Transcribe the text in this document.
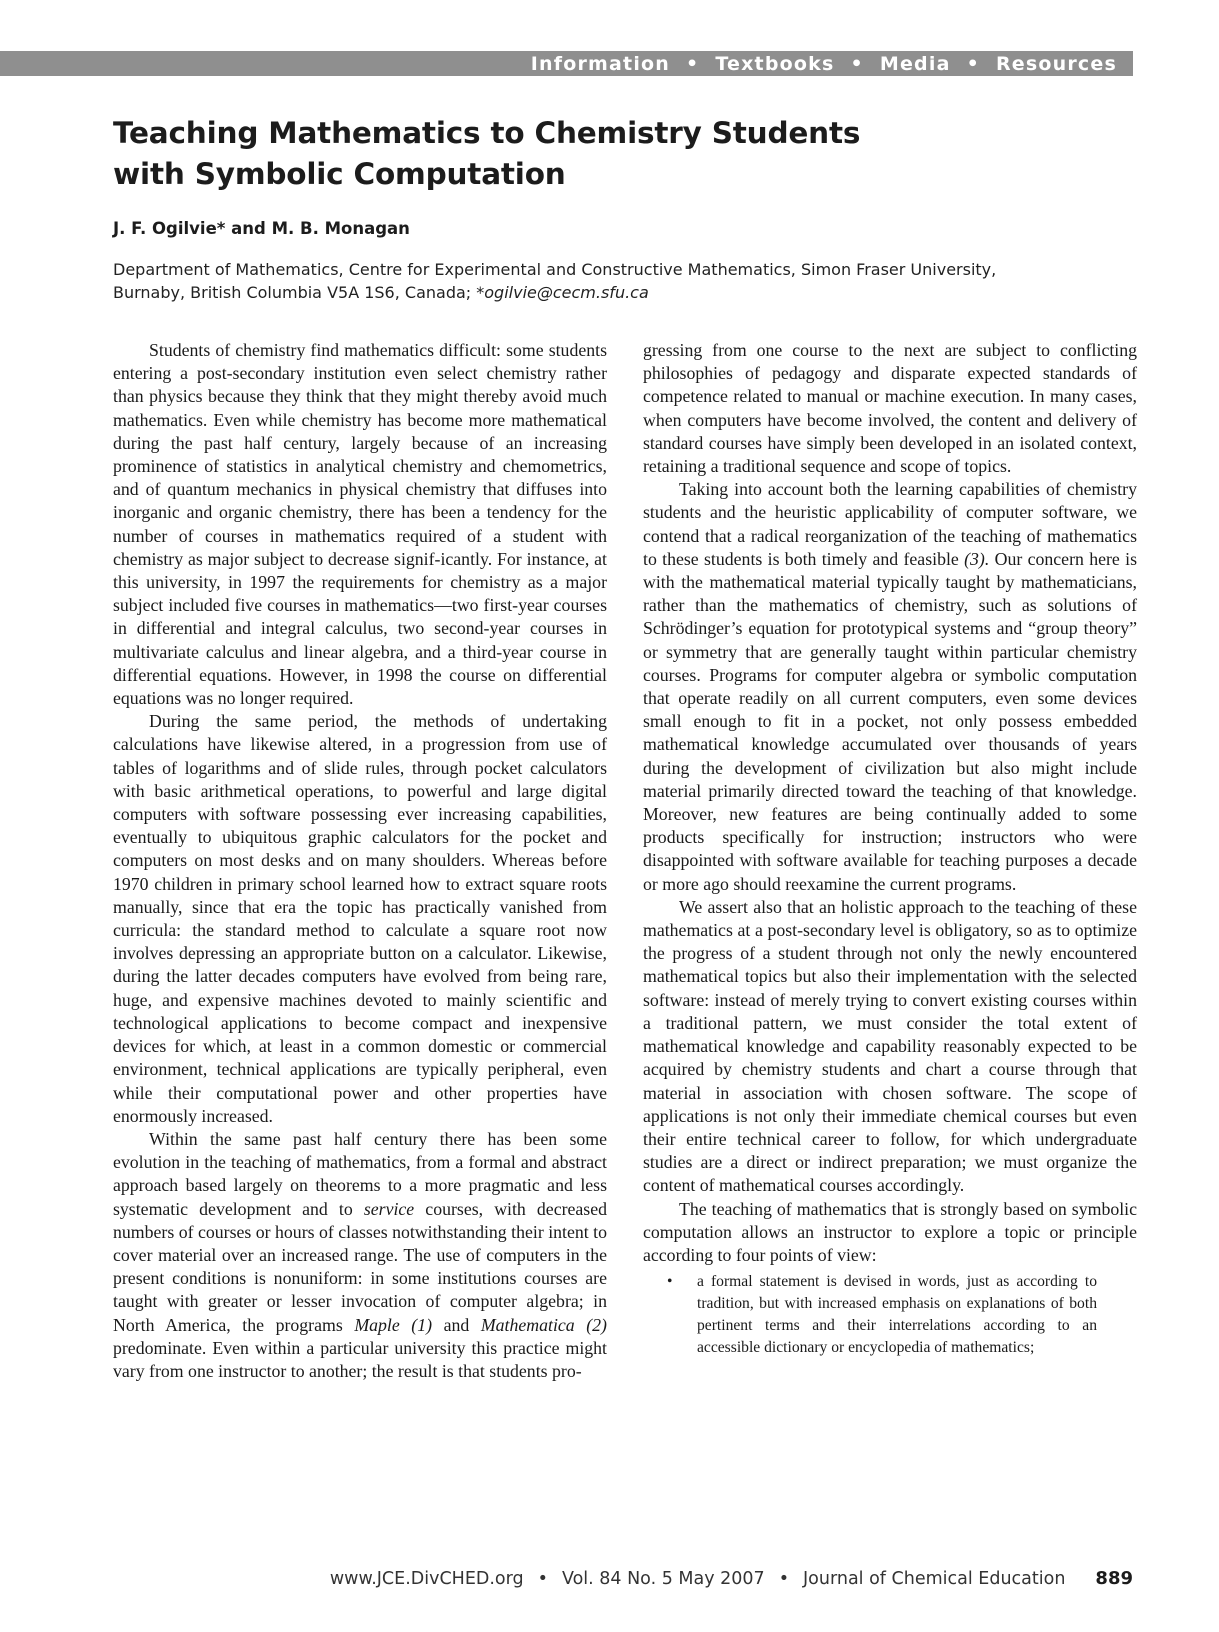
Information • Textbooks • Media • Resources
Teaching Mathematics to Chemistry Students
with Symbolic Computation
J. F. Ogilvie* and M. B. Monagan
Department of Mathematics, Centre for Experimental and Constructive Mathematics, Simon Fraser University,
Burnaby, British Columbia V5A 1S6, Canada; *ogilvie@cecm.sfu.ca

Students of chemistry find mathematics difficult: some students entering a post-secondary institution even select chemistry rather than physics because they think that they might thereby avoid much mathematics. Even while chemistry has become more mathematical during the past half century, largely because of an increasing prominence of statistics in analytical chemistry and chemometrics, and of quantum mechanics in physical chemistry that diffuses into inorganic and organic chemistry, there has been a tendency for the number of courses in mathematics required of a student with chemistry as major subject to decrease signif-icantly. For instance, at this university, in 1997 the requirements for chemistry as a major subject included five courses in mathematics—two first-year courses in differential and integral calculus, two second-year courses in multivariate calculus and linear algebra, and a third-year course in differential equations. However, in 1998 the course on differential equations was no longer required.

During the same period, the methods of undertaking calculations have likewise altered, in a progression from use of tables of logarithms and of slide rules, through pocket calculators with basic arithmetical operations, to powerful and large digital computers with software possessing ever increasing capabilities, eventually to ubiquitous graphic calculators for the pocket and computers on most desks and on many shoulders. Whereas before 1970 children in primary school learned how to extract square roots manually, since that era the topic has practically vanished from curricula: the standard method to calculate a square root now involves depressing an appropriate button on a calculator. Likewise, during the latter decades computers have evolved from being rare, huge, and expensive machines devoted to mainly scientific and technological applications to become compact and inexpensive devices for which, at least in a common domestic or commercial environment, technical applications are typically peripheral, even while their computational power and other properties have enormously increased.

Within the same past half century there has been some evolution in the teaching of mathematics, from a formal and abstract approach based largely on theorems to a more pragmatic and less systematic development and to service courses, with decreased numbers of courses or hours of classes notwithstanding their intent to cover material over an increased range. The use of computers in the present conditions is nonuniform: in some institutions courses are taught with greater or lesser invocation of computer algebra; in North America, the programs Maple (1) and Mathematica (2) predominate. Even within a particular university this practice might vary from one instructor to another; the result is that students pro-

gressing from one course to the next are subject to conflicting philosophies of pedagogy and disparate expected standards of competence related to manual or machine execution. In many cases, when computers have become involved, the content and delivery of standard courses have simply been developed in an isolated context, retaining a traditional sequence and scope of topics.

Taking into account both the learning capabilities of chemistry students and the heuristic applicability of computer software, we contend that a radical reorganization of the teaching of mathematics to these students is both timely and feasible (3). Our concern here is with the mathematical material typically taught by mathematicians, rather than the mathematics of chemistry, such as solutions of Schrödinger’s equation for prototypical systems and “group theory” or symmetry that are generally taught within particular chemistry courses. Programs for computer algebra or symbolic computation that operate readily on all current computers, even some devices small enough to fit in a pocket, not only possess embedded mathematical knowledge accumulated over thousands of years during the development of civilization but also might include material primarily directed toward the teaching of that knowledge. Moreover, new features are being continually added to some products specifically for instruction; instructors who were disappointed with software available for teaching purposes a decade or more ago should reexamine the current programs.

We assert also that an holistic approach to the teaching of these mathematics at a post-secondary level is obligatory, so as to optimize the progress of a student through not only the newly encountered mathematical topics but also their implementation with the selected software: instead of merely trying to convert existing courses within a traditional pattern, we must consider the total extent of mathematical knowledge and capability reasonably expected to be acquired by chemistry students and chart a course through that material in association with chosen software. The scope of applications is not only their immediate chemical courses but even their entire technical career to follow, for which undergraduate studies are a direct or indirect preparation; we must organize the content of mathematical courses accordingly.

The teaching of mathematics that is strongly based on symbolic computation allows an instructor to explore a topic or principle according to four points of view:

•	a formal statement is devised in words, just as according to tradition, but with increased emphasis on explanations of both pertinent terms and their interrelations according to an accessible dictionary or encyclopedia of mathematics;
www.JCE.DivCHED.org • Vol. 84 No. 5 May 2007 • Journal of Chemical Education 889
